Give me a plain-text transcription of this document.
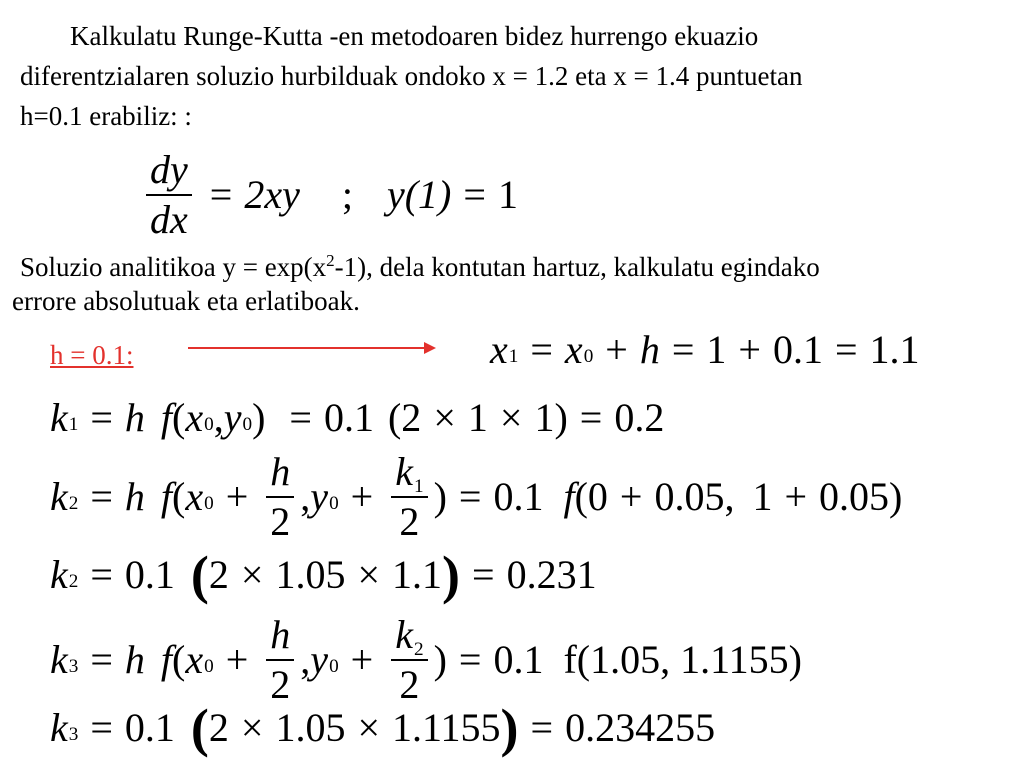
Kalkulatu Runge-Kutta -en metodoaren bidez hurrengo ekuazio
diferentzialaren soluzio hurbilduak ondoko x = 1.2 eta x = 1.4 puntuetan
h=0.1 erabiliz: :
$\frac{dy}{dx} = 2xy$ ; y(1) = 1
Soluzio analitikoa $y = \exp(x^2-1)$, dela kontutan hartuz, kalkulatu egindako
errore absolutuak eta erlatiboak.
h = 0.1:	x 1 = x 0 + h = 1 + 0.1 = 1.1
k 1 = h f ( x 0 , y 0 ) = 0.1 (2 × 1 × 1) = 0.2
k 2 = h f ( x $0 + \frac{h}{2}$ , y $0 + \frac{k1}{2}$ ) = 0.1 f (0 + 0.05, 1 + 0.05)
k 2 = 0.1 ( 2 × 1.05 × 1.1 ) = 0.231
k 3 = h f ( x $0 + \frac{h}{2}$ , y $0 + \frac{k2}{2}$ ) = 0.1 f(1.05, 1.1155)
k 3 = 0.1 ( 2 × 1.05 × 1.1155 ) = 0.234255
